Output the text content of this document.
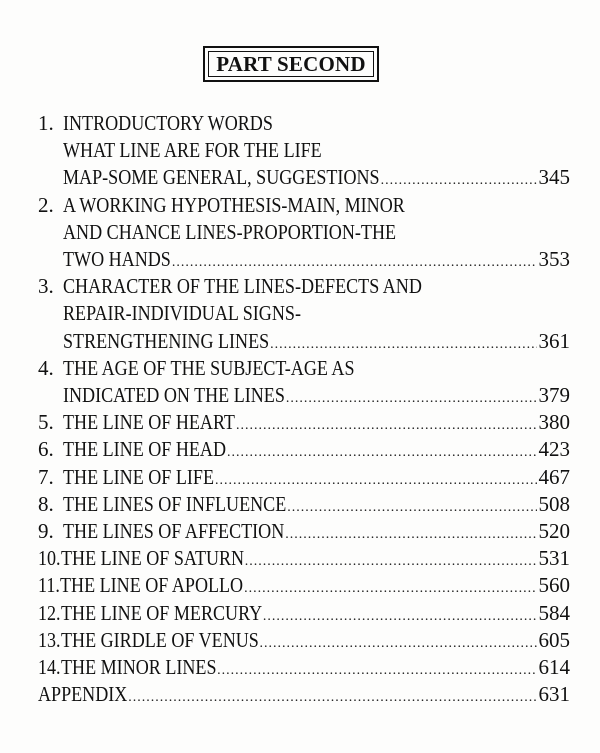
PART SECOND
1. INTRODUCTORY WORDS
WHAT LINE ARE FOR THE LIFE
MAP-SOME GENERAL, SUGGESTIONS .....	345
2. A WORKING HYPOTHESIS-MAIN, MINOR
AND CHANCE LINES-PROPORTION-THE
TWO HANDS .....	353
3. CHARACTER OF THE LINES-DEFECTS AND
REPAIR-INDIVIDUAL SIGNS-
STRENGTHENING LINES .....	361
4. THE AGE OF THE SUBJECT-AGE AS
INDICATED ON THE LINES .....	379
5. THE LINE OF HEART .....	380
6. THE LINE OF HEAD .....	423
7. THE LINE OF LIFE .....	467
8. THE LINES OF INFLUENCE .....	508
9. THE LINES OF AFFECTION .....	520
10. THE LINE OF SATURN .....	531
11. THE LINE OF APOLLO .....	560
12. THE LINE OF MERCURY .....	584
13. THE GIRDLE OF VENUS .....	605
14. THE MINOR LINES .....	614
APPENDIX .....	631
